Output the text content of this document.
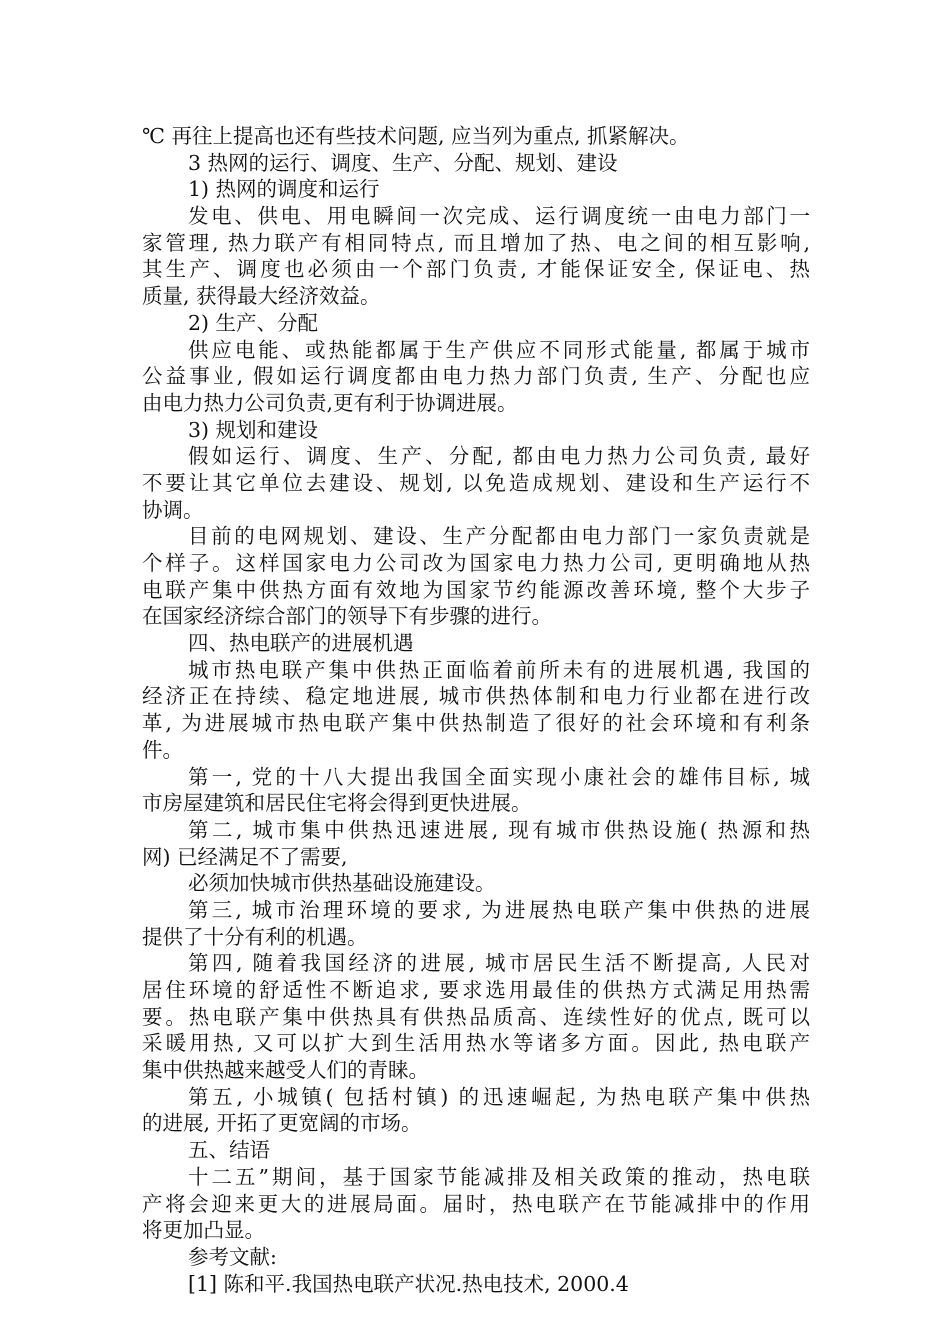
℃ 再往上提高也还有些技术问题, 应当列为重点, 抓紧解决。
3 热网的运行、调度、生产、分配、规划、建设
1) 热网的调度和运行
发电、供电、用电瞬间一次完成、运行调度统一由电力部门一
家管理, 热力联产有相同特点, 而且增加了热、电之间的相互影响,
其生产、调度也必须由一个部门负责, 才能保证安全, 保证电、热
质量, 获得最大经济效益。
2) 生产、分配
供应电能、或热能都属于生产供应不同形式能量, 都属于城市
公益事业, 假如运行调度都由电力热力部门负责, 生产、分配也应
由电力热力公司负责,更有利于协调进展。
3) 规划和建设
假如运行、调度、生产、分配, 都由电力热力公司负责, 最好
不要让其它单位去建设、规划, 以免造成规划、建设和生产运行不
协调。
目前的电网规划、建设、生产分配都由电力部门一家负责就是
个样子。这样国家电力公司改为国家电力热力公司, 更明确地从热
电联产集中供热方面有效地为国家节约能源改善环境, 整个大步子
在国家经济综合部门的领导下有步骤的进行。
四、热电联产的进展机遇
城市热电联产集中供热正面临着前所未有的进展机遇, 我国的
经济正在持续、稳定地进展, 城市供热体制和电力行业都在进行改
革, 为进展城市热电联产集中供热制造了很好的社会环境和有利条
件。
第一, 党的十八大提出我国全面实现小康社会的雄伟目标, 城
市房屋建筑和居民住宅将会得到更快进展。
第二, 城市集中供热迅速进展, 现有城市供热设施( 热源和热
网) 已经满足不了需要,
必须加快城市供热基础设施建设。
第三, 城市治理环境的要求, 为进展热电联产集中供热的进展
提供了十分有利的机遇。
第四, 随着我国经济的进展, 城市居民生活不断提高, 人民对
居住环境的舒适性不断追求, 要求选用最佳的供热方式满足用热需
要。热电联产集中供热具有供热品质高、连续性好的优点, 既可以
采暖用热, 又可以扩大到生活用热水等诸多方面。因此, 热电联产
集中供热越来越受人们的青睐。
第五, 小城镇( 包括村镇) 的迅速崛起, 为热电联产集中供热
的进展, 开拓了更宽阔的市场。
五、结语
十二五”期间，基于国家节能减排及相关政策的推动，热电联
产将会迎来更大的进展局面。届时，热电联产在节能减排中的作用
将更加凸显。
参考文献:
[1] 陈和平.我国热电联产状况.热电技术, 2000.4
